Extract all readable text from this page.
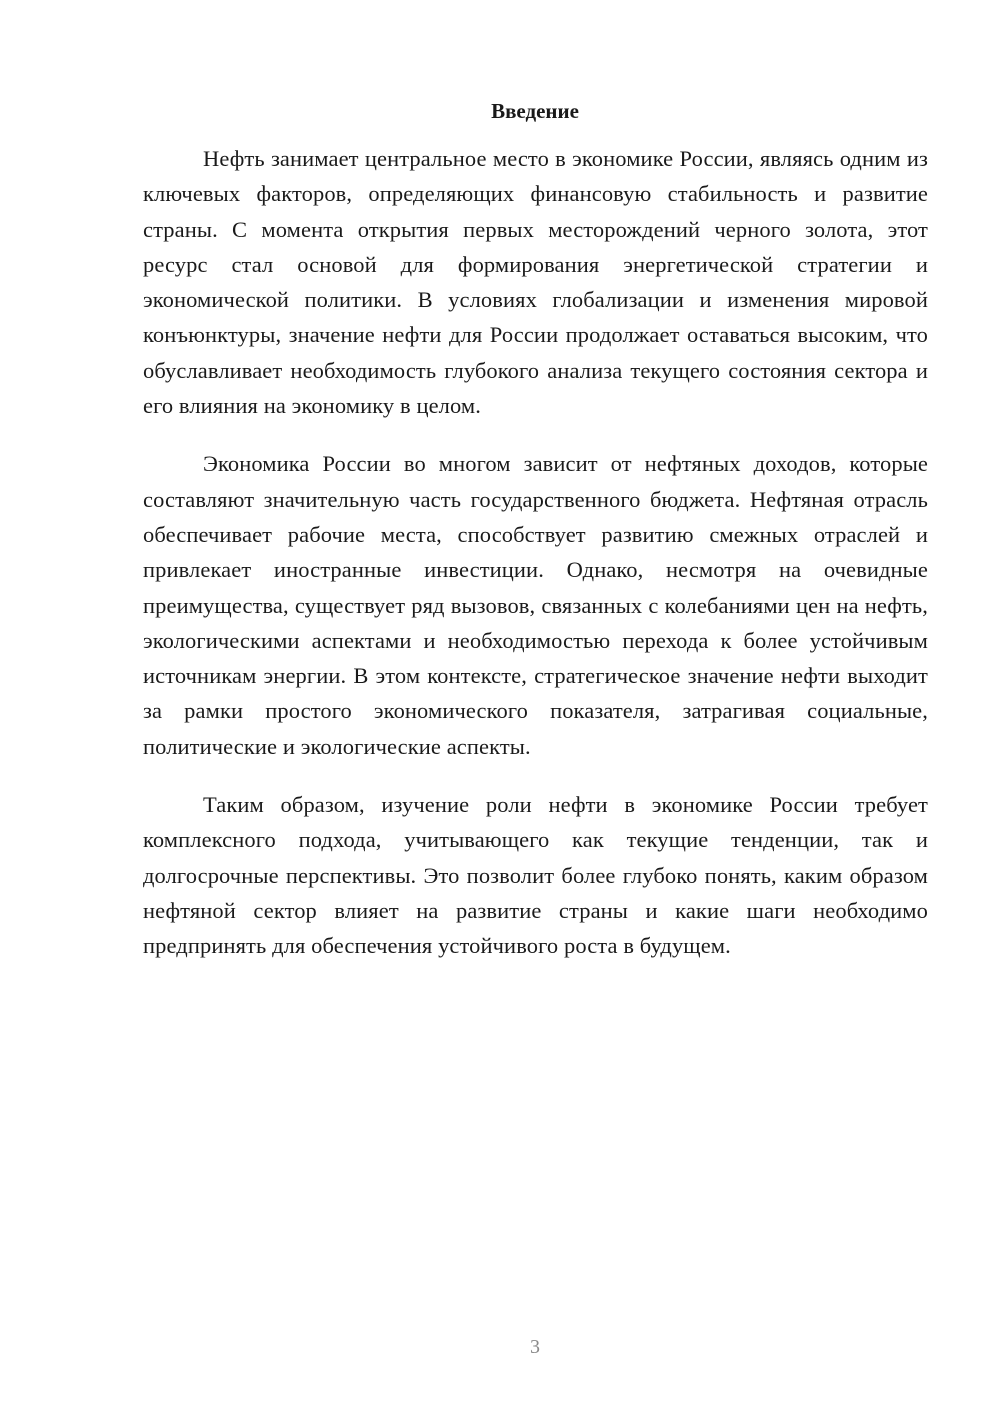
Введение

Нефть занимает центральное место в экономике России, являясь одним из ключевых факторов, определяющих финансовую стабильность и развитие страны. С момента открытия первых месторождений черного золота, этот ресурс стал основой для формирования энергетической стратегии и экономической политики. В условиях глобализации и изменения мировой конъюнктуры, значение нефти для России продолжает оставаться высоким, что обуславливает необходимость глубокого анализа текущего состояния сектора и его влияния на экономику в целом.

Экономика России во многом зависит от нефтяных доходов, которые составляют значительную часть государственного бюджета. Нефтяная отрасль обеспечивает рабочие места, способствует развитию смежных отраслей и привлекает иностранные инвестиции. Однако, несмотря на очевидные преимущества, существует ряд вызовов, связанных с колебаниями цен на нефть, экологическими аспектами и необходимостью перехода к более устойчивым источникам энергии. В этом контексте, стратегическое значение нефти выходит за рамки простого экономического показателя, затрагивая социальные, политические и экологические аспекты.

Таким образом, изучение роли нефти в экономике России требует комплексного подхода, учитывающего как текущие тенденции, так и долгосрочные перспективы. Это позволит более глубоко понять, каким образом нефтяной сектор влияет на развитие страны и какие шаги необходимо предпринять для обеспечения устойчивого роста в будущем.

3
